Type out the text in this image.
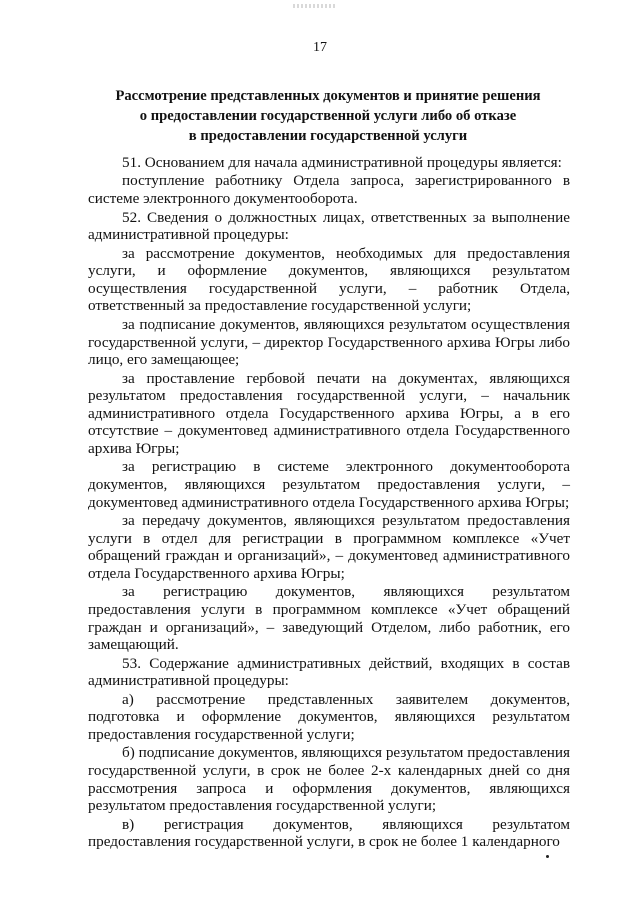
17
Рассмотрение представленных документов и принятие решения
о предоставлении государственной услуги либо об отказе
в предоставлении государственной услуги

51. Основанием для начала административной процедуры является:

поступление работнику Отдела запроса, зарегистрированного в системе электронного документооборота.

52. Сведения о должностных лицах, ответственных за выполнение административной процедуры:

за рассмотрение документов, необходимых для предоставления услуги, и оформление документов, являющихся результатом осуществления государственной услуги, – работник Отдела, ответственный за предоставление государственной услуги;

за подписание документов, являющихся результатом осуществления государственной услуги, – директор Государственного архива Югры либо лицо, его замещающее;

за проставление гербовой печати на документах, являющихся результатом предоставления государственной услуги, – начальник административного отдела Государственного архива Югры, а в его отсутствие – документовед административного отдела Государственного архива Югры;

за регистрацию в системе электронного документооборота документов, являющихся результатом предоставления услуги, – документовед административного отдела Государственного архива Югры;

за передачу документов, являющихся результатом предоставления услуги в отдел для регистрации в программном комплексе «Учет обращений граждан и организаций», – документовед административного отдела Государственного архива Югры;

за регистрацию документов, являющихся результатом предоставления услуги в программном комплексе «Учет обращений граждан и организаций», – заведующий Отделом, либо работник, его замещающий.

53. Содержание административных действий, входящих в состав административной процедуры:

а) рассмотрение представленных заявителем документов, подготовка и оформление документов, являющихся результатом предоставления государственной услуги;

б) подписание документов, являющихся результатом предоставления государственной услуги, в срок не более 2-х календарных дней со дня рассмотрения запроса и оформления документов, являющихся результатом предоставления государственной услуги;

в) регистрация документов, являющихся результатом предоставления государственной услуги, в срок не более 1 календарного
